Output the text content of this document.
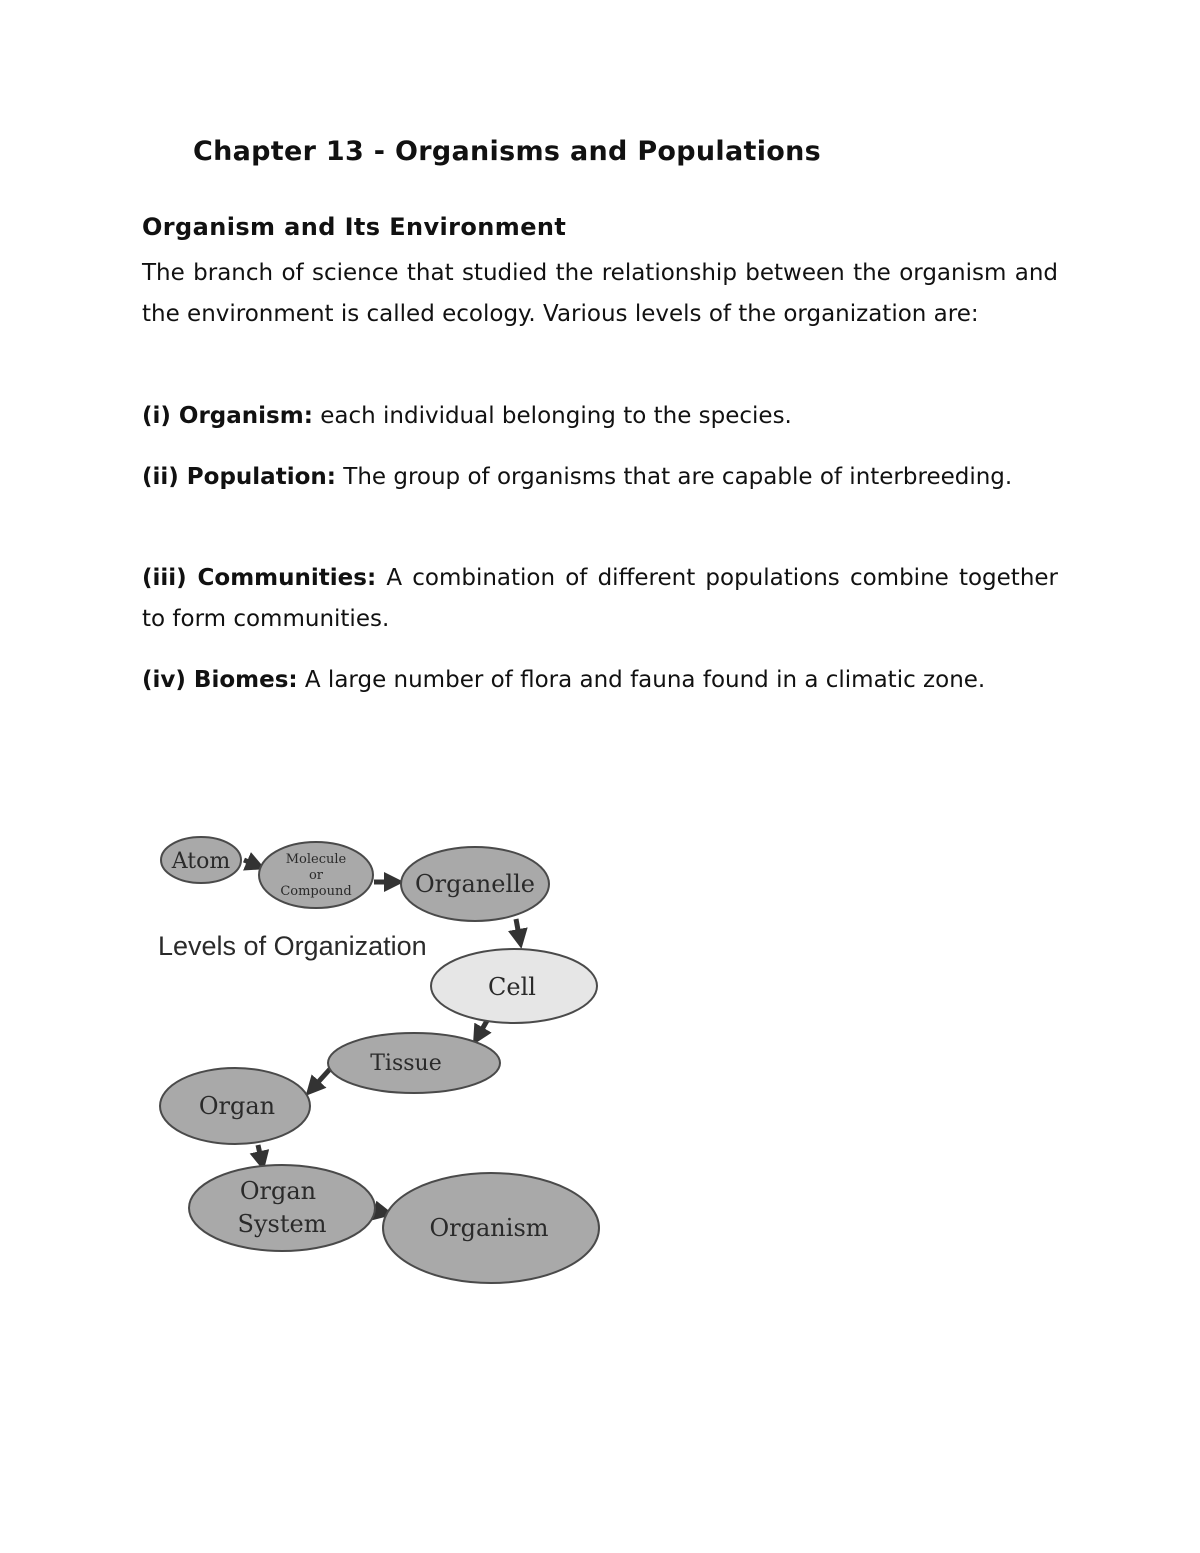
Chapter 13 - Organisms and Populations
Organism and Its Environment

The branch of science that studied the relationship between the organism and the environment is called ecology. Various levels of the organization are:

(i) Organism: each individual belonging to the species.

(ii) Population: The group of organisms that are capable of interbreeding.

(iii) Communities: A combination of different populations combine together to form communities.

(iv) Biomes: A large number of flora and fauna found in a climatic zone.

Atom	Molecule
or
Compound	Organelle
Levels of Organization
Cell
Tissue
Organ
Organ
System	Organism
